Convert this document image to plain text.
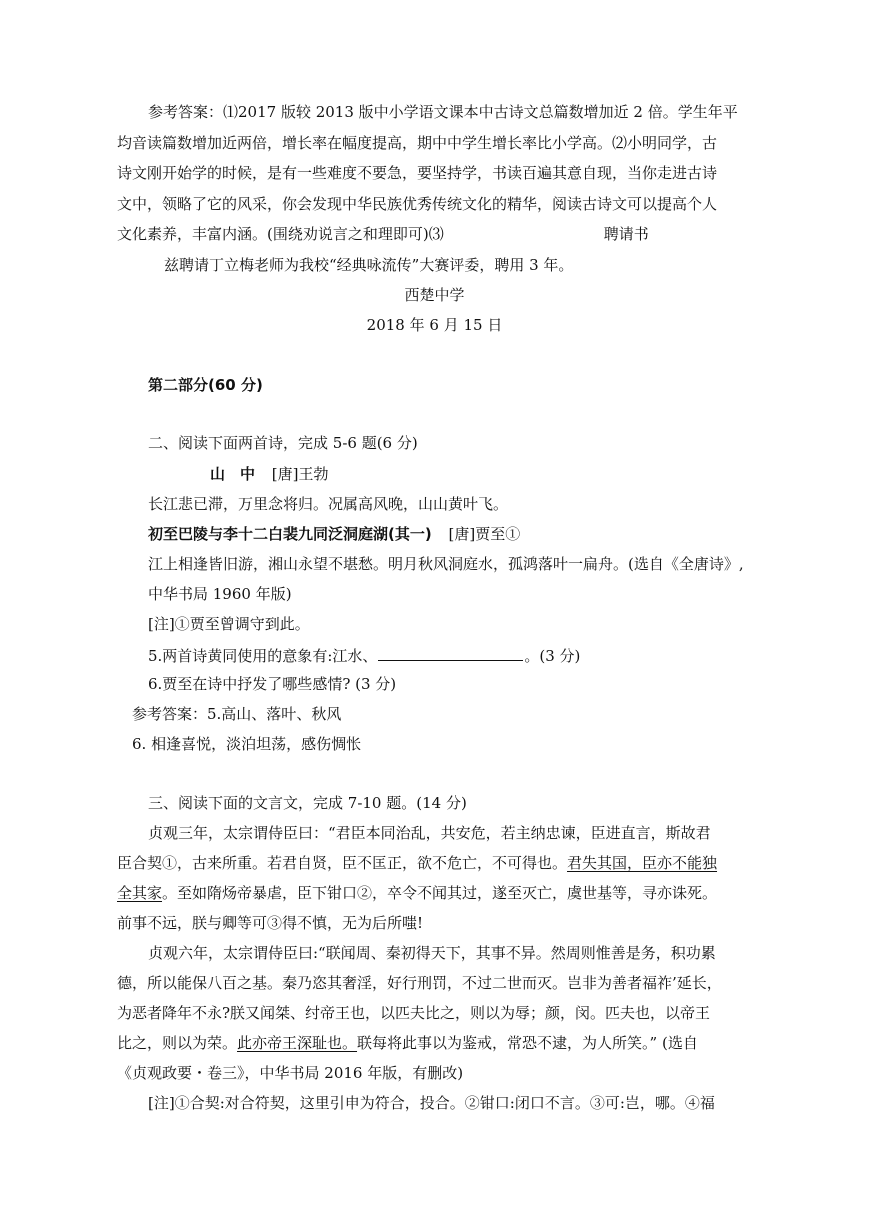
参考答案：⑴2017 版较 2013 版中小学语文课本中古诗文总篇数增加近 2 倍。学生年平
均音读篇数增加近两倍，增长率在幅度提高，期中中学生增长率比小学高。⑵小明同学，古
诗文刚开始学的时候，是有一些难度不要急，要坚持学，书读百遍其意自现，当你走进古诗
文中，领略了它的风采，你会发现中华民族优秀传统文化的精华，阅读古诗文可以提高个人
文化素养，丰富内涵。(围绕劝说言之和理即可)⑶	聘请书
兹聘请丁立梅老师为我校“经典咏流传”大赛评委，聘用 3 年。
西楚中学
2018 年 6 月 15 日
第二部分(60 分)
二、阅读下面两首诗，完成 5-6 题(6 分)
山　中 [唐]王勃
长江悲已滞，万里念将归。况属高风晚，山山黄叶飞。
初至巴陵与李十二白裴九同泛洞庭湖(其一) [唐]贾至①
江上相逢皆旧游，湘山永望不堪愁。明月秋风洞庭水，孤鸿落叶一扁舟。(选自《全唐诗》,
中华书局 1960 年版)
[注]①贾至曾调守到此。
5.两首诗黄同使用的意象有:江水、	。(3 分)
6.贾至在诗中抒发了哪些感情? (3 分)
参考答案：5.高山、落叶、秋风
6. 相逢喜悦，淡泊坦荡，感伤惆怅
三、阅读下面的文言文，完成 7-10 题。(14 分)
贞观三年，太宗谓侍臣曰：“君臣本同治乱，共安危，若主纳忠谏，臣进直言，斯故君
臣合契①，古来所重。若君自贤，臣不匡正，欲不危亡，不可得也。君失其国，臣亦不能独
全其家。至如隋炀帝暴虐，臣下钳口②，卒令不闻其过，遂至灭亡，虞世基等，寻亦诛死。
前事不远，朕与卿等可③得不慎，无为后所嗤!
贞观六年，太宗谓侍臣曰:“联闻周、秦初得天下，其事不异。然周则惟善是务，积功累
德，所以能保八百之基。秦乃恣其奢淫，好行刑罚，不过二世而灭。岂非为善者福祚’延长，
为恶者降年不永?朕又闻桀、纣帝王也，以匹夫比之，则以为辱；颜，闵。匹夫也，以帝王
比之，则以为荣。此亦帝王深耻也。联每将此事以为鉴戒，常恐不逮，为人所笑。” (选自
《贞观政要・卷三》，中华书局 2016 年版，有删改)
[注]①合契:对合符契，这里引申为符合，投合。②钳口:闭口不言。③可:岂，哪。④福
